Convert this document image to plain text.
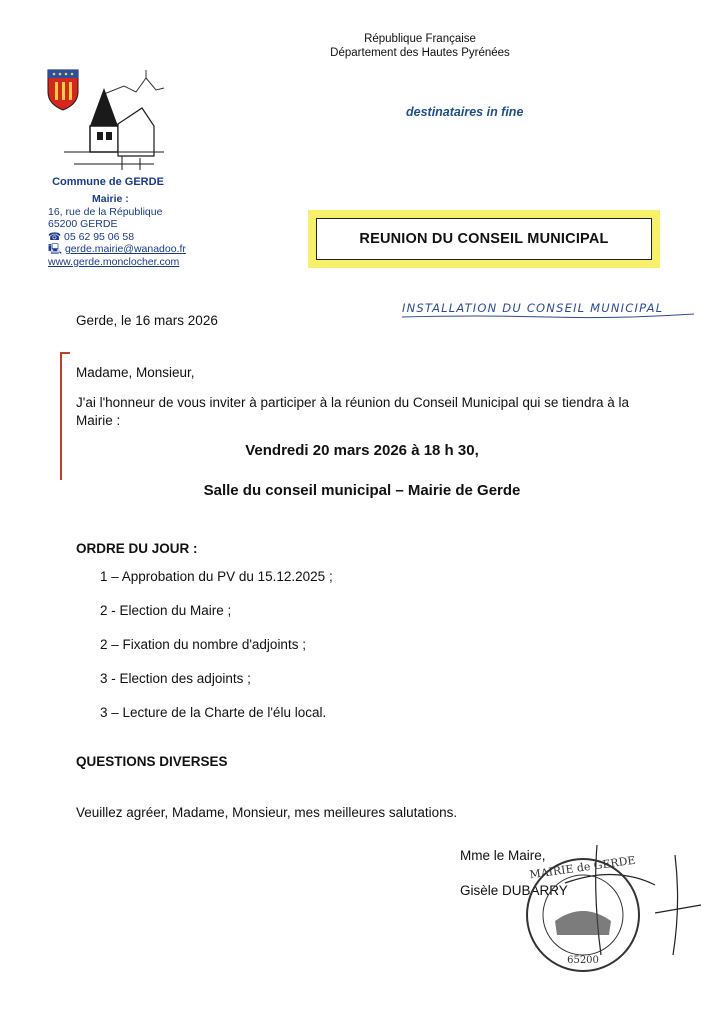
République Française
Département des Hautes Pyrénées
Commune de GERDE
Mairie :
16, rue de la République
65200 GERDE
☎ 05 62 95 06 58
🖳 gerde.mairie@wanadoo.fr
www.gerde.monclocher.com
destinataires in fine
REUNION DU CONSEIL MUNICIPAL
INSTALLATION DU CONSEIL MUNICIPAL
Gerde, le 16 mars 2026
Madame, Monsieur,
J'ai l'honneur de vous inviter à participer à la réunion du Conseil Municipal qui se tiendra à la Mairie :
Vendredi 20 mars 2026 à 18 h 30,
Salle du conseil municipal – Mairie de Gerde
ORDRE DU JOUR :
1 – Approbation du PV du 15.12.2025 ;
2 - Election du Maire ;
2 – Fixation du nombre d'adjoints ;
3 - Election des adjoints ;
3 – Lecture de la Charte de l'élu local.
QUESTIONS DIVERSES
Veuillez agréer, Madame, Monsieur, mes meilleures salutations.
Mme le Maire,
Gisèle DUBARRY
MAIRIE de GERDE
65200
